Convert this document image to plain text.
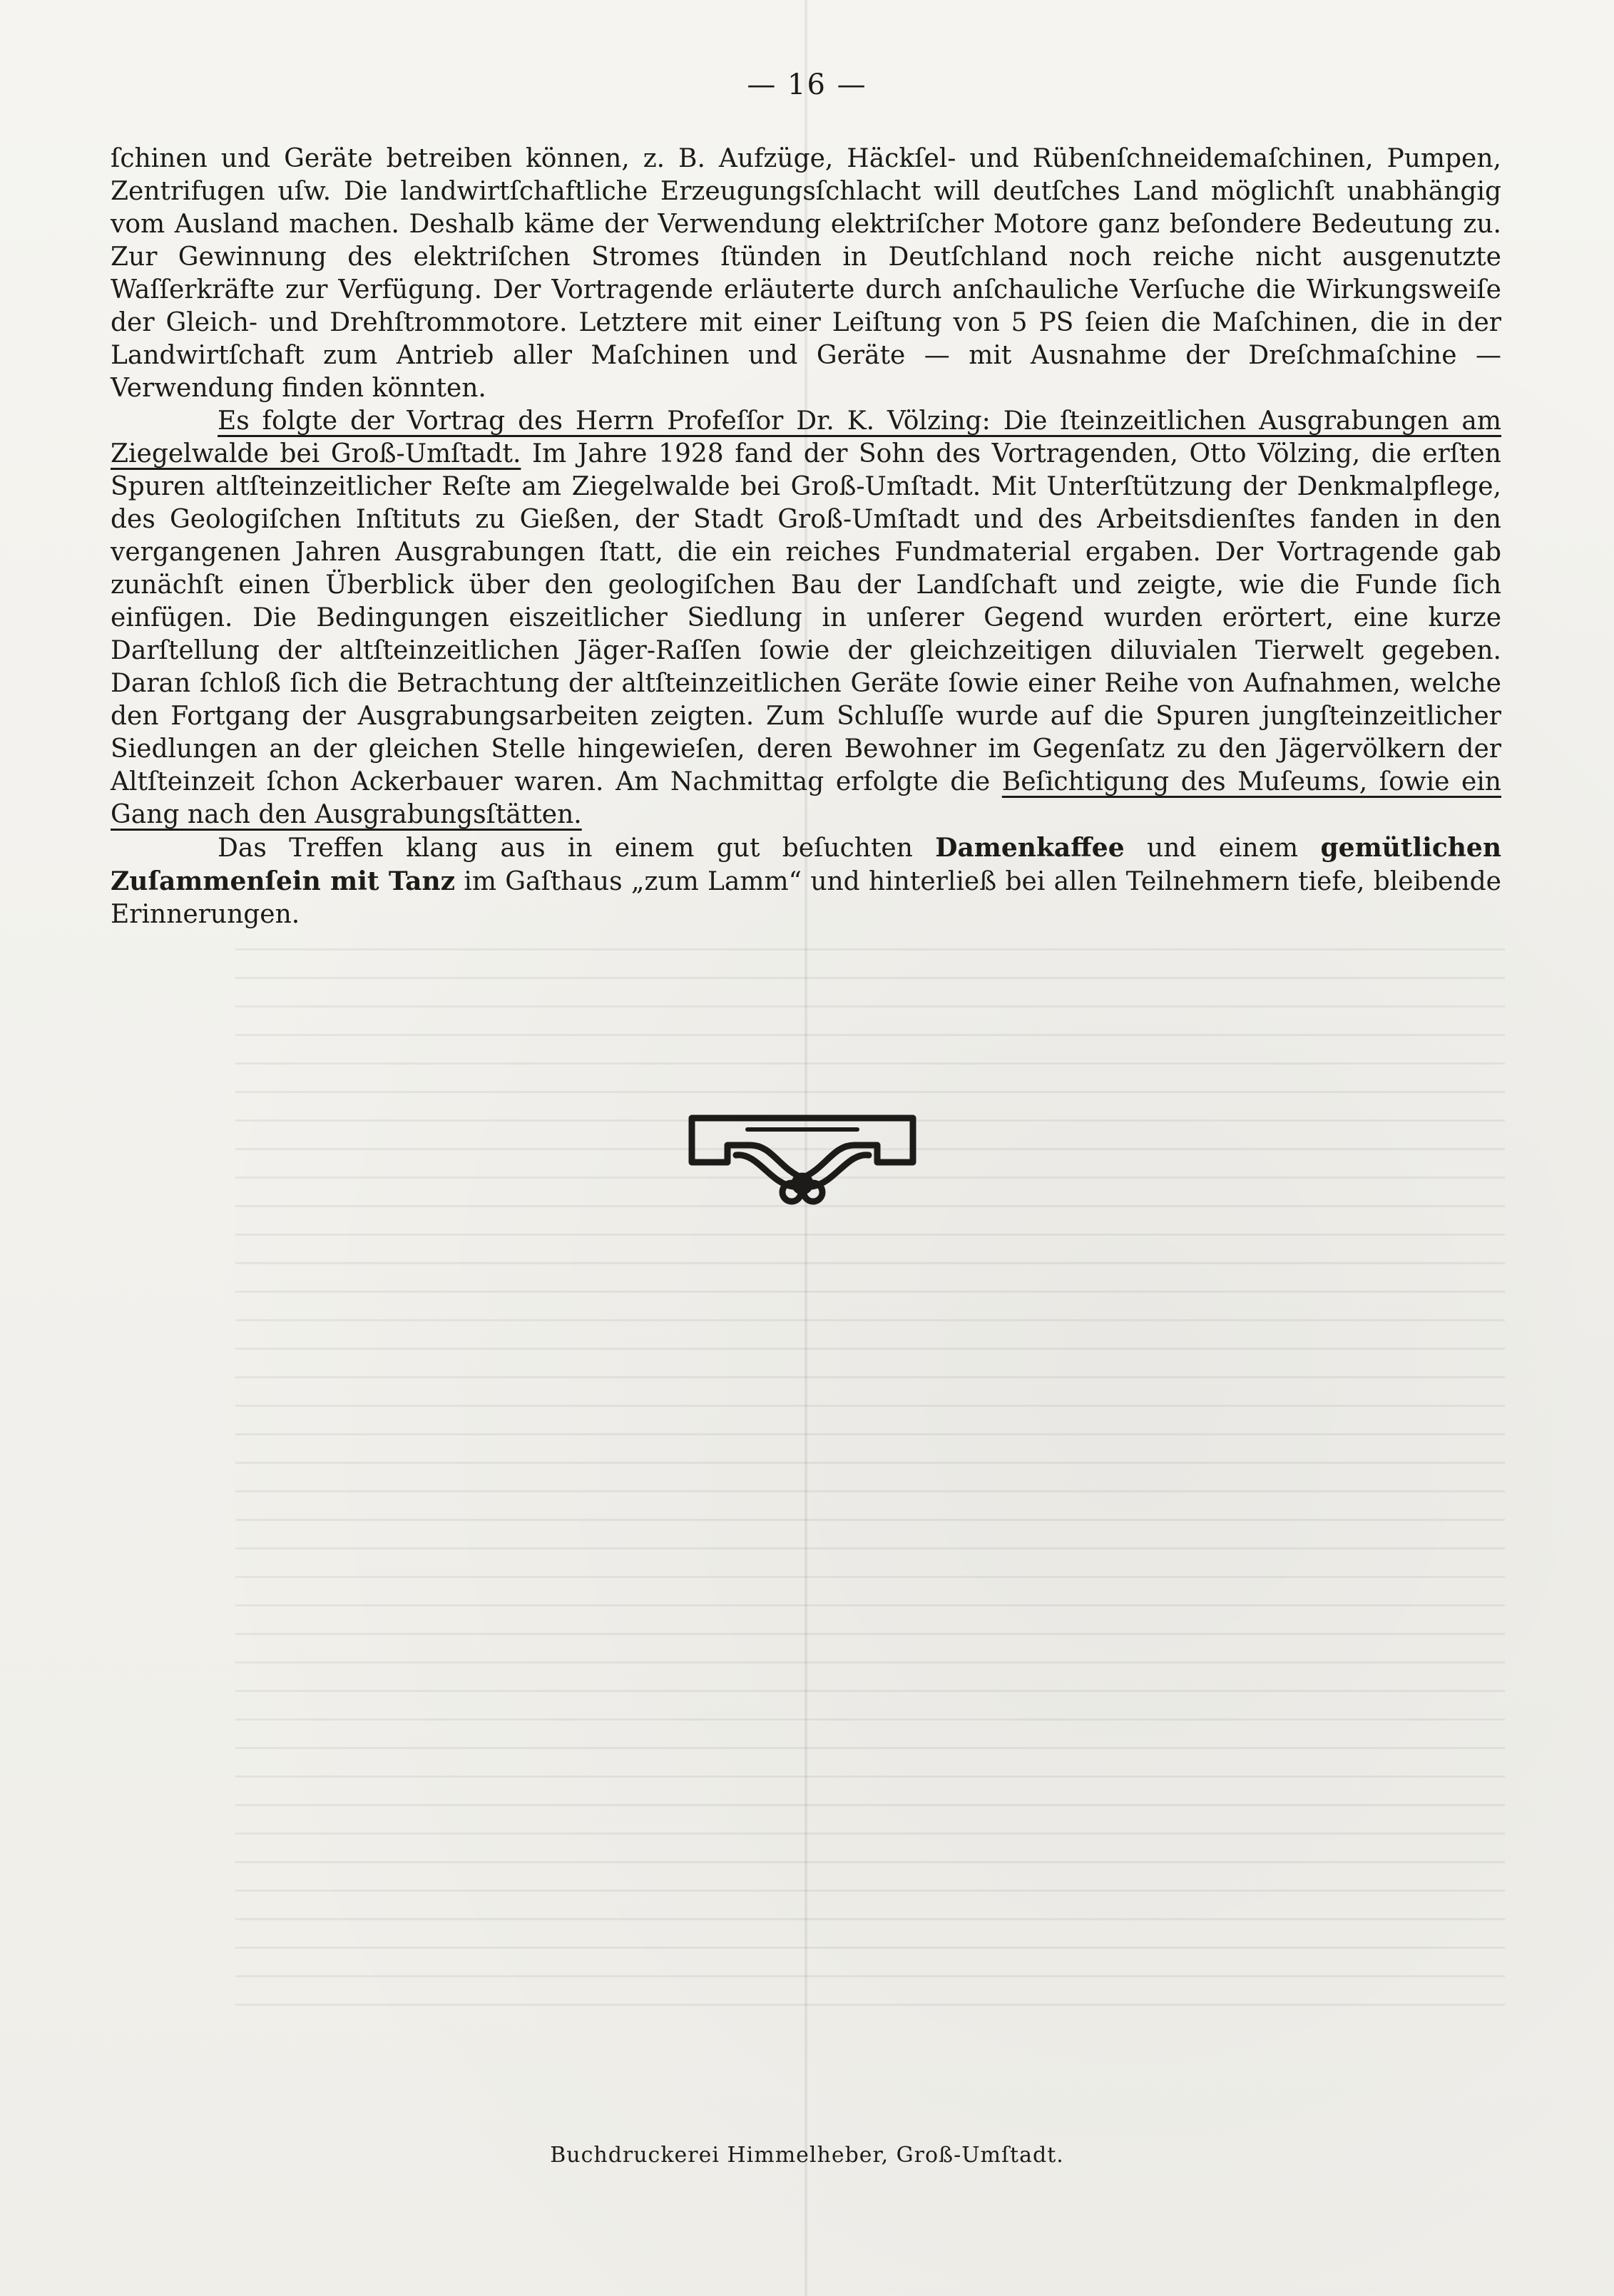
— 16 —

ſchinen und Geräte betreiben können, z. B. Aufzüge, Häckſel- und Rübenſchneidemaſchinen, Pumpen, Zentrifugen uſw. Die landwirtſchaftliche Erzeugungsſchlacht will deutſches Land möglichſt unabhängig vom Ausland machen. Deshalb käme der Verwendung elektriſcher Motore ganz beſondere Bedeutung zu. Zur Gewinnung des elektriſchen Stromes ſtünden in Deutſchland noch reiche nicht ausgenutzte Waſſerkräfte zur Verfügung. Der Vortragende erläuterte durch anſchauliche Verſuche die Wirkungsweiſe der Gleich- und Drehſtrommotore. Letztere mit einer Leiſtung von 5 PS ſeien die Maſchinen, die in der Landwirtſchaft zum Antrieb aller Maſchinen und Geräte — mit Ausnahme der Dreſchmaſchine — Verwendung finden könnten.

Es folgte der Vortrag des Herrn Profeſſor Dr. K. Völzing: Die ſteinzeitlichen Ausgrabungen am Ziegelwalde bei Groß-Umſtadt. Im Jahre 1928 fand der Sohn des Vortragenden, Otto Völzing, die erſten Spuren altſteinzeitlicher Reſte am Ziegelwalde bei Groß-Umſtadt. Mit Unterſtützung der Denkmalpflege, des Geologiſchen Inſtituts zu Gießen, der Stadt Groß-Umſtadt und des Arbeitsdienſtes fanden in den vergangenen Jahren Ausgrabungen ſtatt, die ein reiches Fundmaterial ergaben. Der Vortragende gab zunächſt einen Überblick über den geologiſchen Bau der Landſchaft und zeigte, wie die Funde ſich einfügen. Die Bedingungen eiszeitlicher Siedlung in unſerer Gegend wurden erörtert, eine kurze Darſtellung der altſteinzeitlichen Jäger-Raſſen ſowie der gleichzeitigen diluvialen Tierwelt gegeben. Daran ſchloß ſich die Betrachtung der altſteinzeitlichen Geräte ſowie einer Reihe von Aufnahmen, welche den Fortgang der Ausgrabungsarbeiten zeigten. Zum Schluſſe wurde auf die Spuren jungſteinzeitlicher Siedlungen an der gleichen Stelle hingewieſen, deren Bewohner im Gegenſatz zu den Jägervölkern der Altſteinzeit ſchon Ackerbauer waren. Am Nachmittag erfolgte die Beſichtigung des Muſeums, ſowie ein Gang nach den Ausgrabungsſtätten.

Das Treffen klang aus in einem gut beſuchten Damenkaffee und einem gemütlichen Zuſammenſein mit Tanz im Gaſthaus „zum Lamm“ und hinterließ bei allen Teilnehmern tiefe, bleibende Erinnerungen.

Buchdruckerei Himmelheber, Groß-Umſtadt.
